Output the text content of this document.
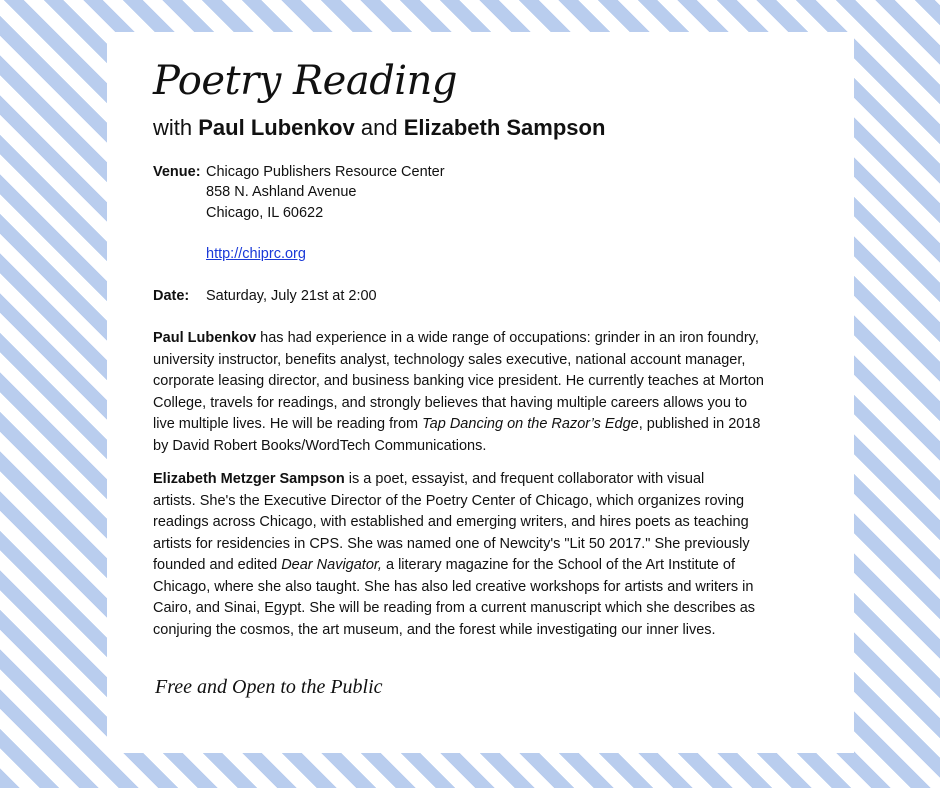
Poetry Reading
with Paul Lubenkov and Elizabeth Sampson
Venue: Chicago Publishers Resource Center
858 N. Ashland Avenue
Chicago, IL 60622
http://chiprc.org
Date: Saturday, July 21st at 2:00
Paul Lubenkov has had experience in a wide range of occupations: grinder in an iron foundry,
university instructor, benefits analyst, technology sales executive, national account manager,
corporate leasing director, and business banking vice president. He currently teaches at Morton
College, travels for readings, and strongly believes that having multiple careers allows you to
live multiple lives. He will be reading from Tap Dancing on the Razor’s Edge, published in 2018
by David Robert Books/WordTech Communications.
Elizabeth Metzger Sampson is a poet, essayist, and frequent collaborator with visual
artists. She's the Executive Director of the Poetry Center of Chicago, which organizes roving
readings across Chicago, with established and emerging writers, and hires poets as teaching
artists for residencies in CPS. She was named one of Newcity's "Lit 50 2017." She previously
founded and edited Dear Navigator, a literary magazine for the School of the Art Institute of
Chicago, where she also taught. She has also led creative workshops for artists and writers in
Cairo, and Sinai, Egypt. She will be reading from a current manuscript which she describes as
conjuring the cosmos, the art museum, and the forest while investigating our inner lives.
Free and Open to the Public
